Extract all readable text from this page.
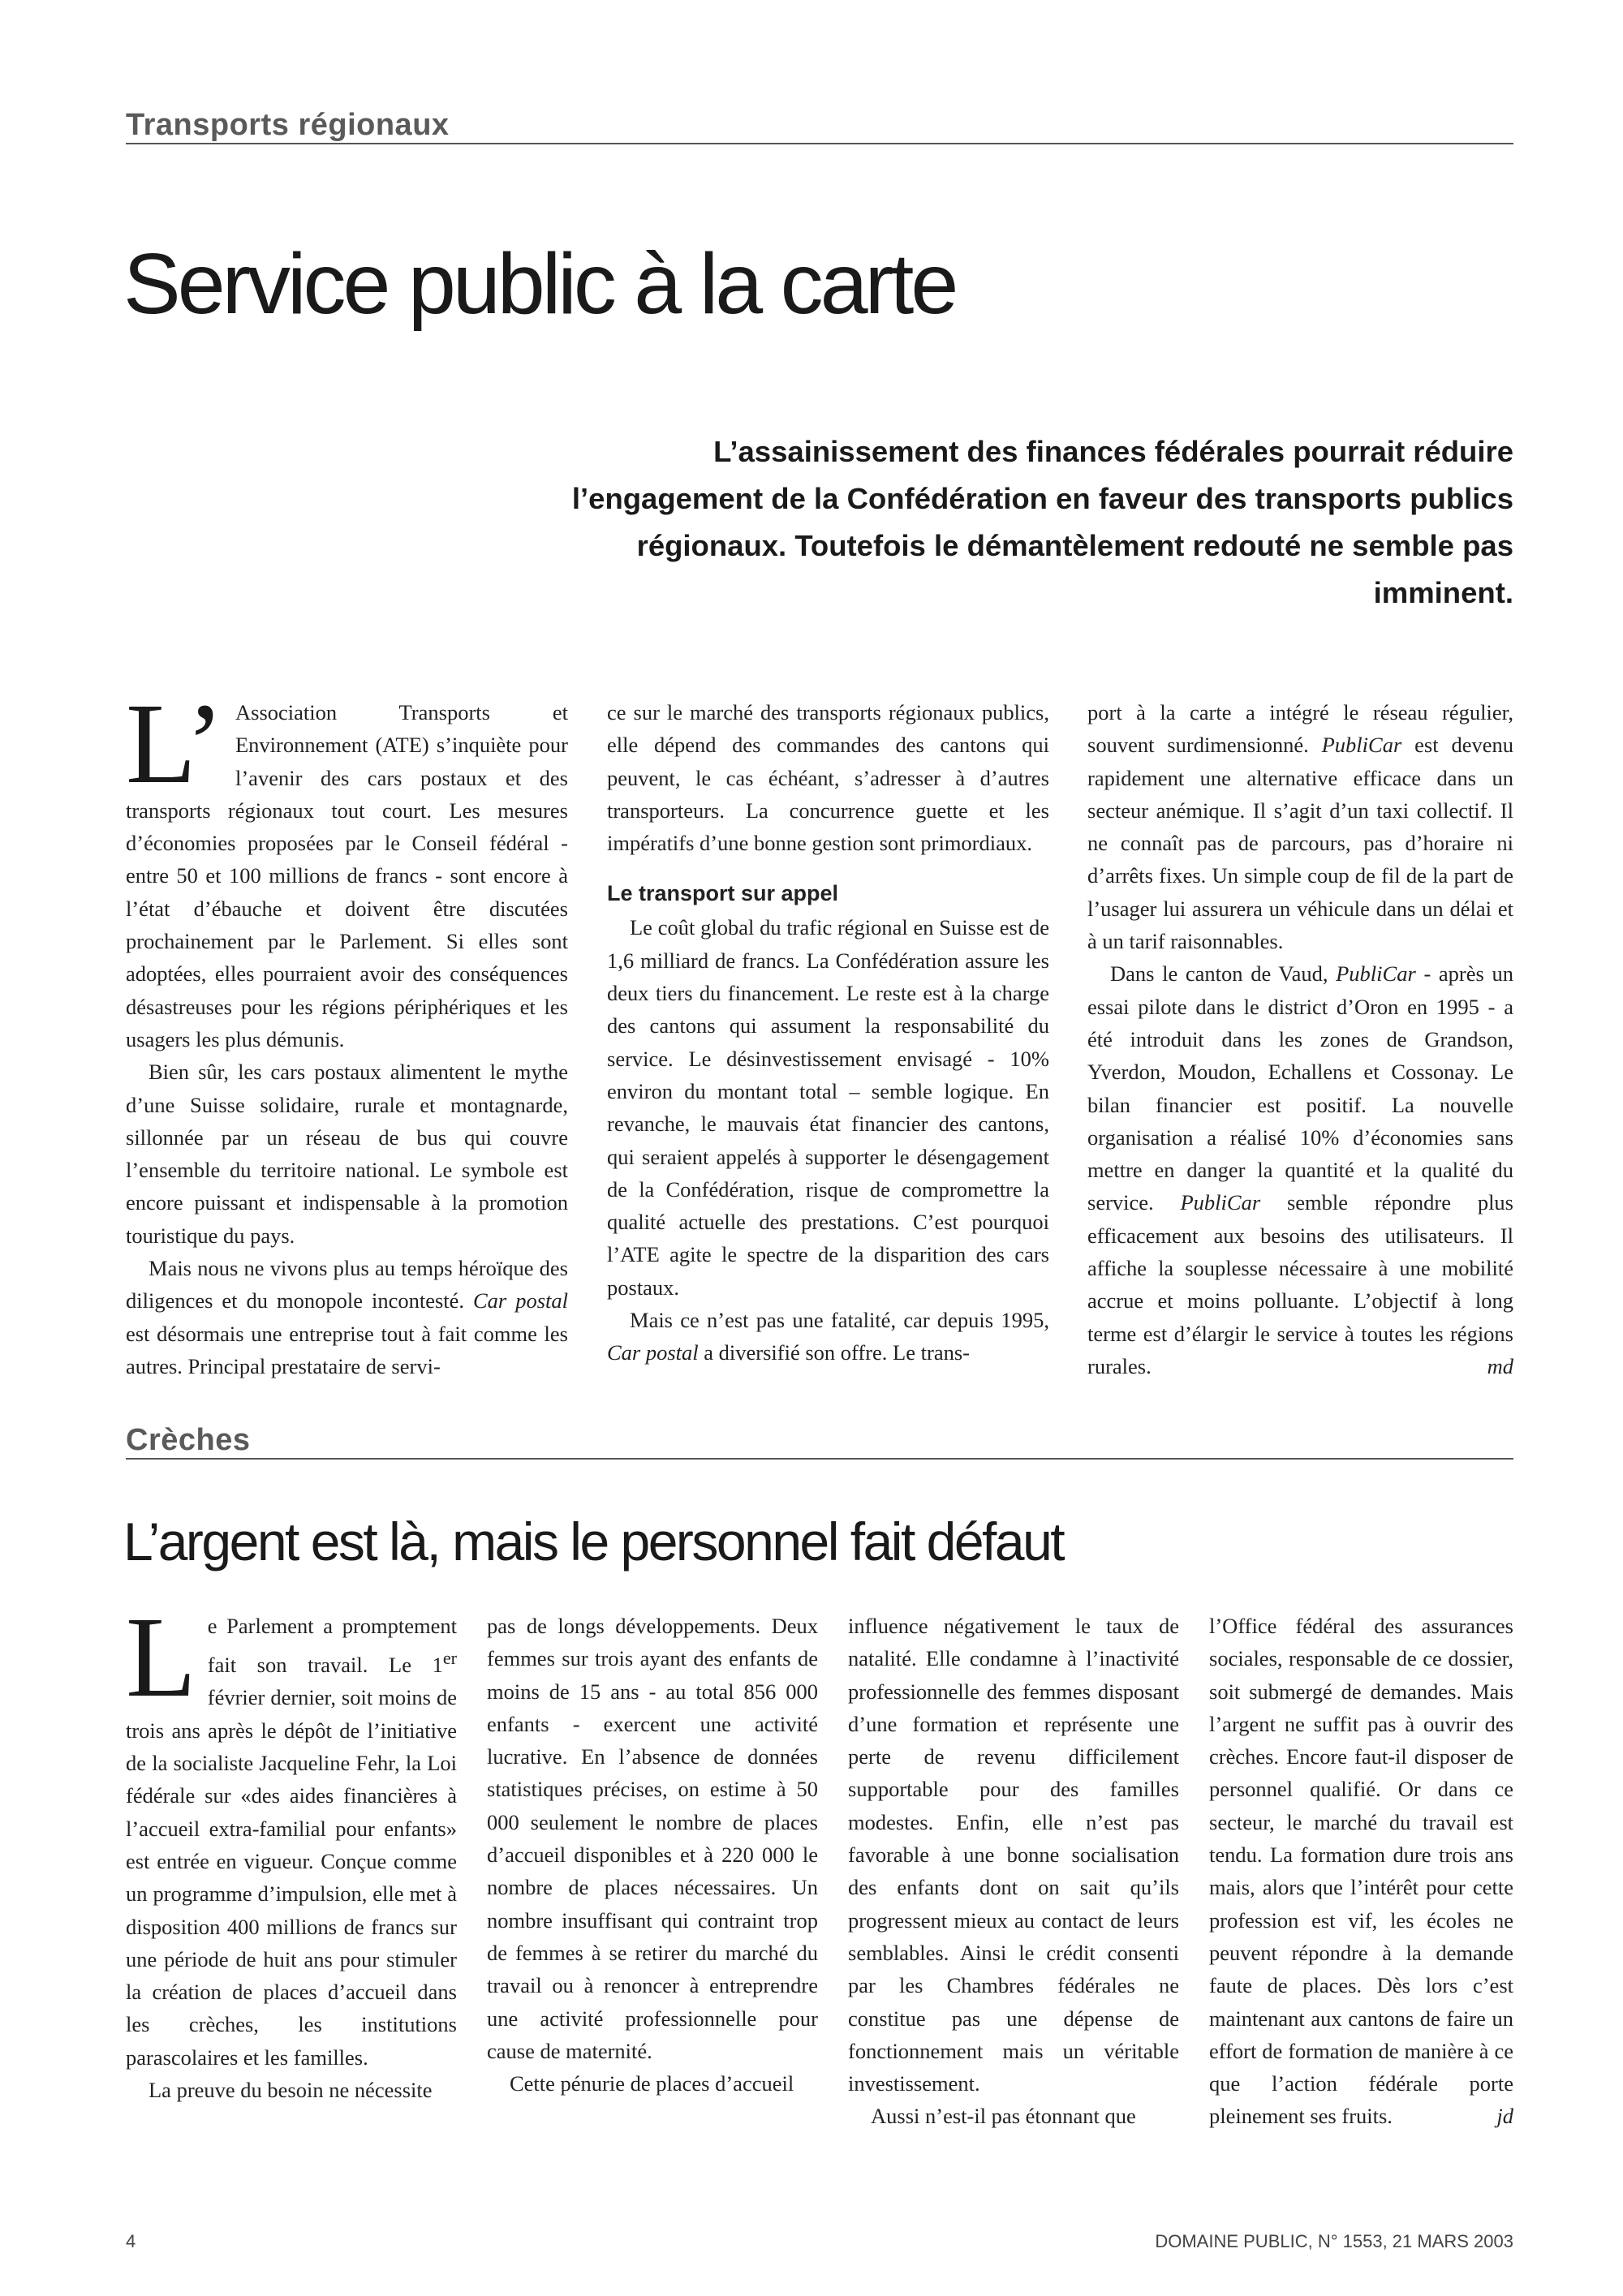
Transports régionaux
Service public à la carte

L’assainissement des finances fédérales pourrait réduire l’engagement de la Confédération en faveur des transports publics régionaux. Toutefois le démantèlement redouté ne semble pas imminent.

L’ Association Transports et Environnement (ATE) s’inquiète pour l’avenir des cars postaux et des transports régionaux tout court. Les mesures d’économies proposées par le Conseil fédéral - entre 50 et 100 millions de francs - sont encore à l’état d’ébauche et doivent être discutées prochainement par le Parlement. Si elles sont adoptées, elles pourraient avoir des conséquences désastreuses pour les régions périphériques et les usagers les plus démunis.

Bien sûr, les cars postaux alimentent le mythe d’une Suisse solidaire, rurale et montagnarde, sillonnée par un réseau de bus qui couvre l’ensemble du territoire national. Le symbole est encore puissant et indispensable à la promotion touristique du pays.

Mais nous ne vivons plus au temps héroïque des diligences et du monopole incontesté. Car postal est désormais une entreprise tout à fait comme les autres. Principal prestataire de servi-

ce sur le marché des transports régionaux publics, elle dépend des commandes des cantons qui peuvent, le cas échéant, s’adresser à d’autres transporteurs. La concurrence guette et les impératifs d’une bonne gestion sont primordiaux.

Le transport sur appel

Le coût global du trafic régional en Suisse est de 1,6 milliard de francs. La Confédération assure les deux tiers du financement. Le reste est à la charge des cantons qui assument la responsabilité du service. Le désinvestissement envisagé - 10% environ du montant total – semble logique. En revanche, le mauvais état financier des cantons, qui seraient appelés à supporter le désengagement de la Confédération, risque de compromettre la qualité actuelle des prestations. C’est pourquoi l’ATE agite le spectre de la disparition des cars postaux.

Mais ce n’est pas une fatalité, car depuis 1995, Car postal a diversifié son offre. Le trans-

port à la carte a intégré le réseau régulier, souvent surdimensionné. PubliCar est devenu rapidement une alternative efficace dans un secteur anémique. Il s’agit d’un taxi collectif. Il ne connaît pas de parcours, pas d’horaire ni d’arrêts fixes. Un simple coup de fil de la part de l’usager lui assurera un véhicule dans un délai et à un tarif raisonnables.

Dans le canton de Vaud, PubliCar - après un essai pilote dans le district d’Oron en 1995 - a été introduit dans les zones de Grandson, Yverdon, Moudon, Echallens et Cossonay. Le bilan financier est positif. La nouvelle organisation a réalisé 10% d’économies sans mettre en danger la quantité et la qualité du service. PubliCar semble répondre plus efficacement aux besoins des utilisateurs. Il affiche la souplesse nécessaire à une mobilité accrue et moins polluante. L’objectif à long terme est d’élargir le service à toutes les régions rurales.	md

Crèches
L’argent est là, mais le personnel fait défaut

Le Parlement a promptement fait son travail. Le 1er février dernier, soit moins de trois ans après le dépôt de l’initiative de la socialiste Jacqueline Fehr, la Loi fédérale sur «des aides financières à l’accueil extra-familial pour enfants» est entrée en vigueur. Conçue comme un programme d’impulsion, elle met à disposition 400 millions de francs sur une période de huit ans pour stimuler la création de places d’accueil dans les crèches, les institutions parascolaires et les familles.

La preuve du besoin ne nécessite

pas de longs développements. Deux femmes sur trois ayant des enfants de moins de 15 ans - au total 856 000 enfants - exercent une activité lucrative. En l’absence de données statistiques précises, on estime à 50 000 seulement le nombre de places d’accueil disponibles et à 220 000 le nombre de places nécessaires. Un nombre insuffisant qui contraint trop de femmes à se retirer du marché du travail ou à renoncer à entreprendre une activité professionnelle pour cause de maternité.

Cette pénurie de places d’accueil

influence négativement le taux de natalité. Elle condamne à l’inactivité professionnelle des femmes disposant d’une formation et représente une perte de revenu difficilement supportable pour des familles modestes. Enfin, elle n’est pas favorable à une bonne socialisation des enfants dont on sait qu’ils progressent mieux au contact de leurs semblables. Ainsi le crédit consenti par les Chambres fédérales ne constitue pas une dépense de fonctionnement mais un véritable investissement.

Aussi n’est-il pas étonnant que

l’Office fédéral des assurances sociales, responsable de ce dossier, soit submergé de demandes. Mais l’argent ne suffit pas à ouvrir des crèches. Encore faut-il disposer de personnel qualifié. Or dans ce secteur, le marché du travail est tendu. La formation dure trois ans mais, alors que l’intérêt pour cette profession est vif, les écoles ne peuvent répondre à la demande faute de places. Dès lors c’est maintenant aux cantons de faire un effort de formation de manière à ce que l’action fédérale porte pleinement ses fruits.	jd

4	DOMAINE PUBLIC, N° 1553, 21 MARS 2003
